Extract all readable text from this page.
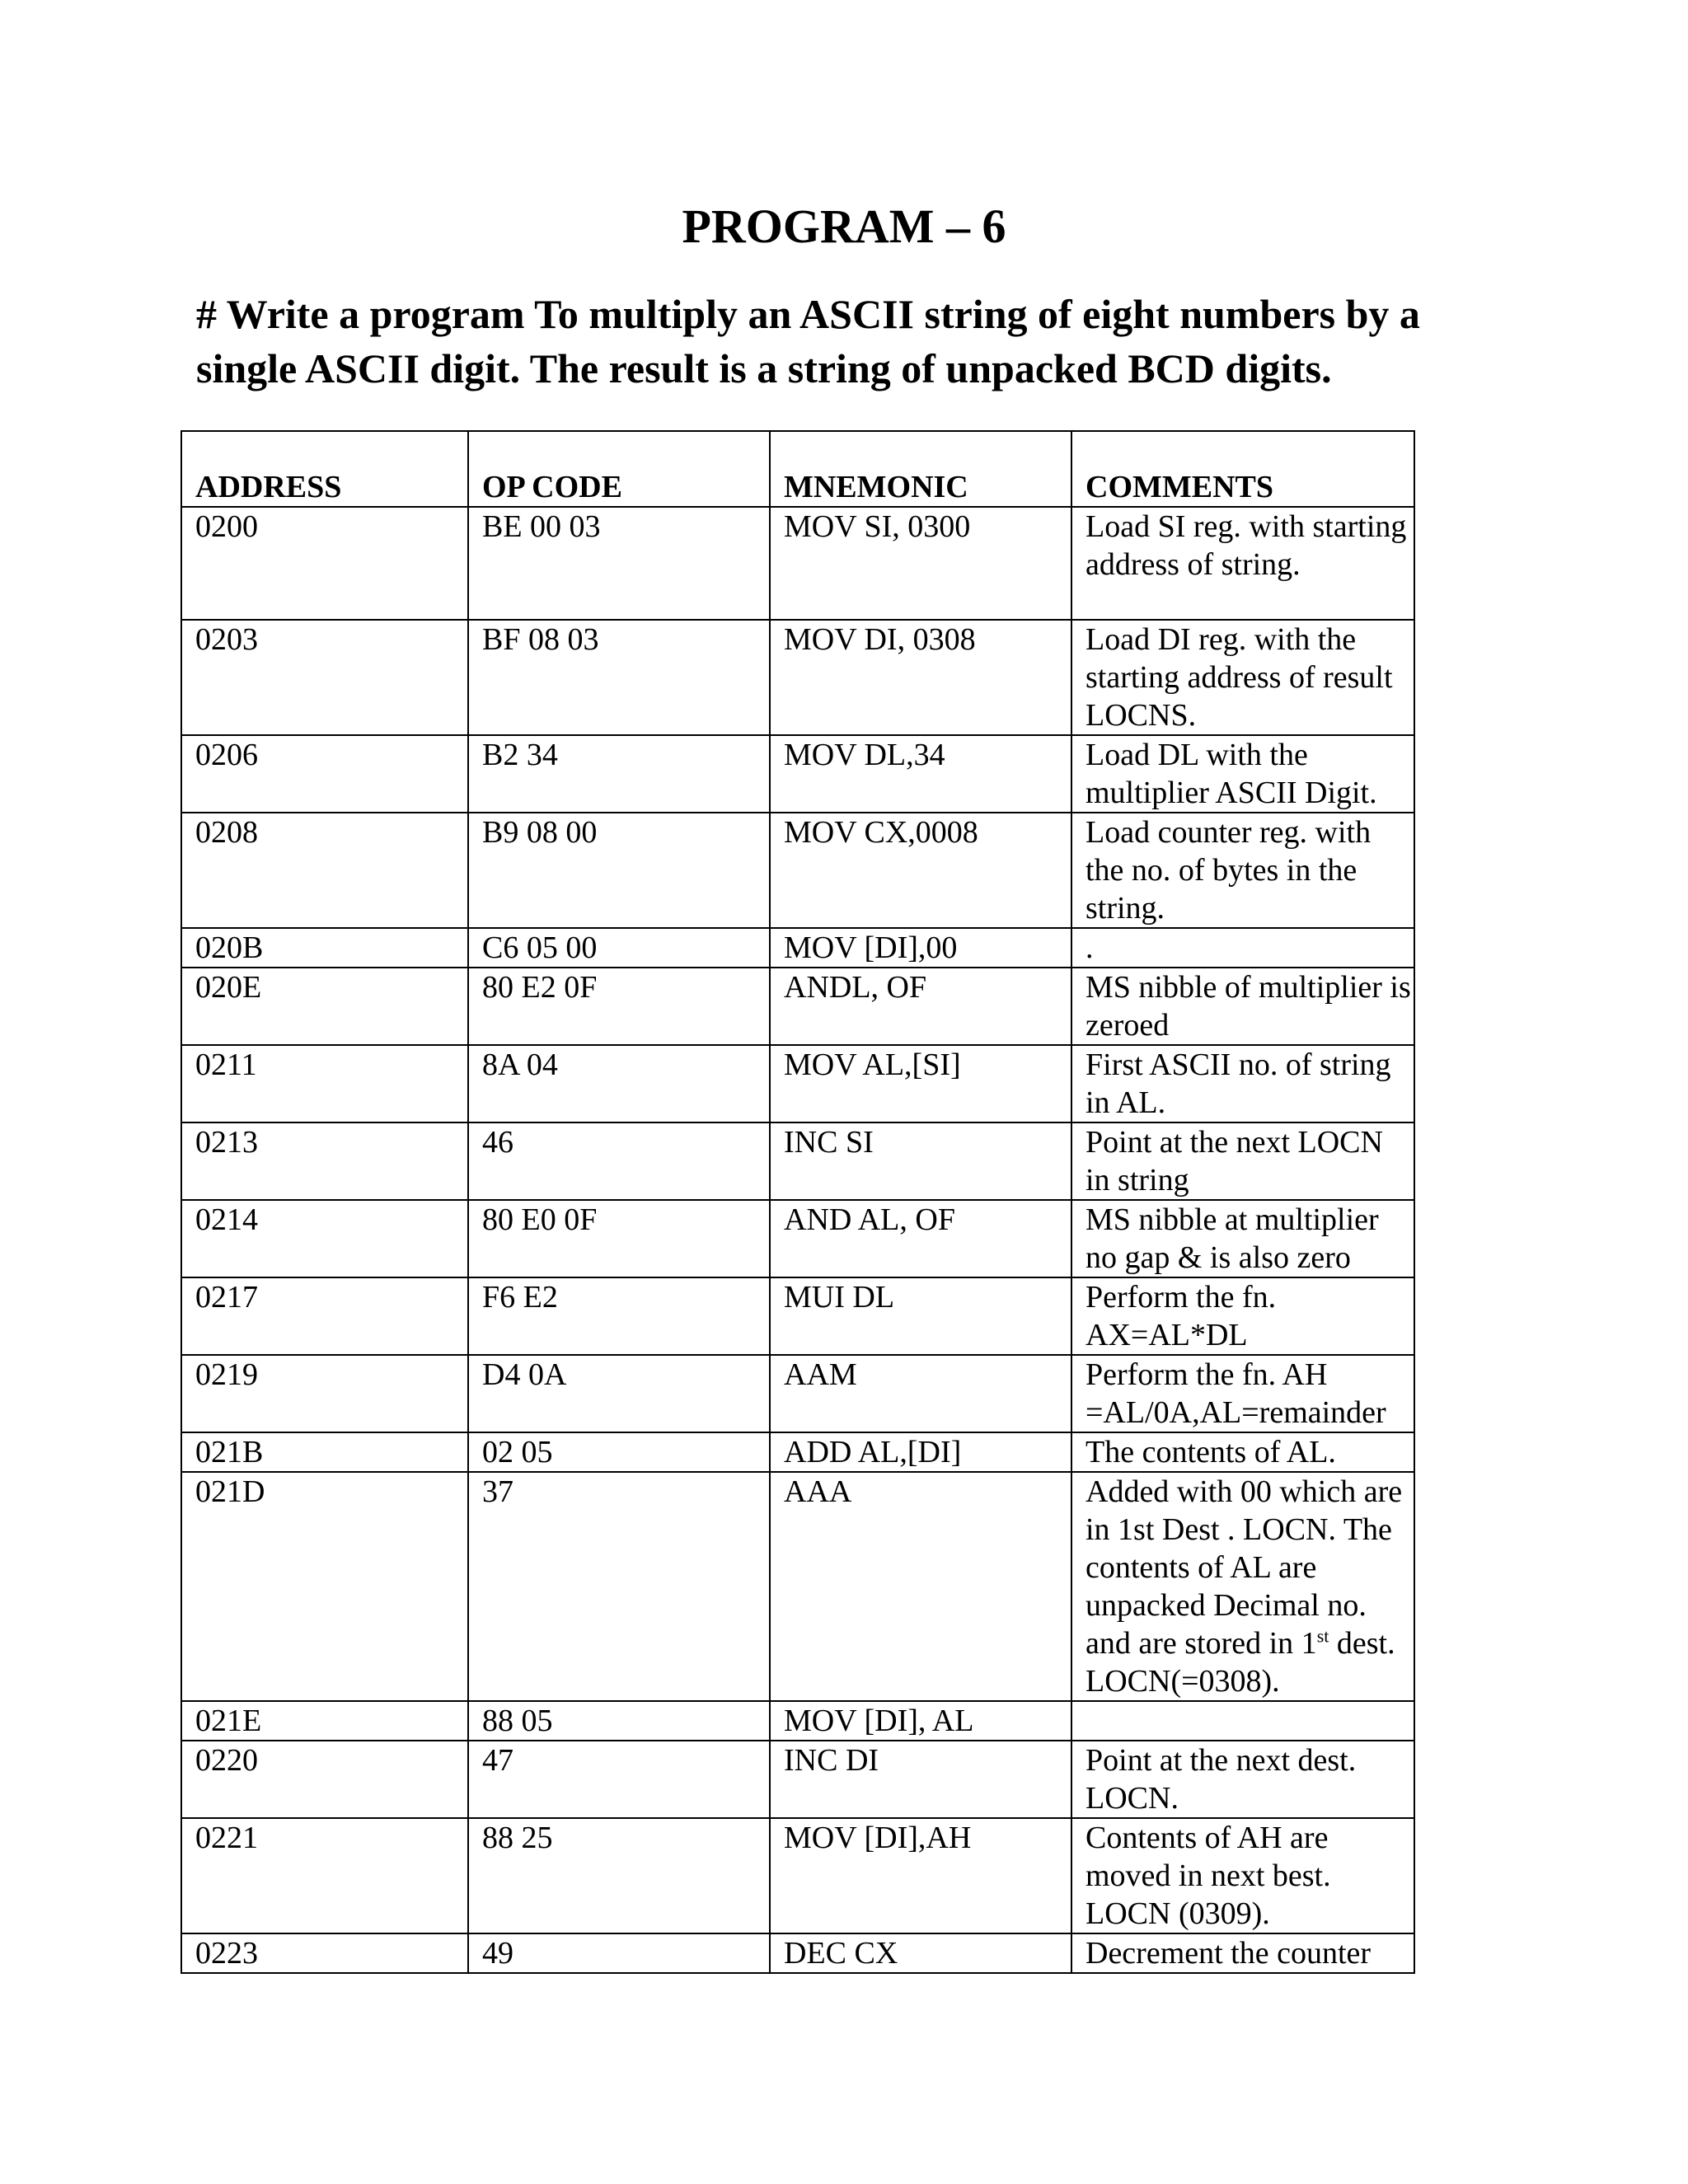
PROGRAM – 6

# Write a program To multiply an ASCII string of eight numbers by a single ASCII digit. The result is a string of unpacked BCD digits.

ADDRESS	OP CODE	MNEMONIC	COMMENTS
0200	BE 00 03	MOV SI, 0300	Load SI reg. with starting address of string.
0203	BF 08 03	MOV DI, 0308	Load DI reg. with the starting address of result LOCNS.
0206	B2 34	MOV DL,34	Load DL with the multiplier ASCII Digit.
0208	B9 08 00	MOV CX,0008	Load counter reg. with the no. of bytes in the string.
020B	C6 05 00	MOV [DI],00	.
020E	80 E2 0F	ANDL, OF	MS nibble of multiplier is zeroed
0211	8A 04	MOV AL,[SI]	First ASCII no. of string in AL.
0213	46	INC SI	Point at the next LOCN in string
0214	80 E0 0F	AND AL, OF	MS nibble at multiplier no gap & is also zero
0217	F6 E2	MUI DL	Perform the fn. AX=AL*DL
0219	D4 0A	AAM	Perform the fn. AH =AL/0A,AL=remainder
021B	02 05	ADD AL,[DI]	The contents of AL.
021D	37	AAA	Added with 00 which are in 1st Dest . LOCN. The contents of AL are unpacked Decimal no. and are stored in 1st dest. LOCN(=0308).
021E	88 05	MOV [DI], AL	
0220	47	INC DI	Point at the next dest. LOCN.
0221	88 25	MOV [DI],AH	Contents of AH are moved in next best. LOCN (0309).
0223	49	DEC CX	Decrement the counter
